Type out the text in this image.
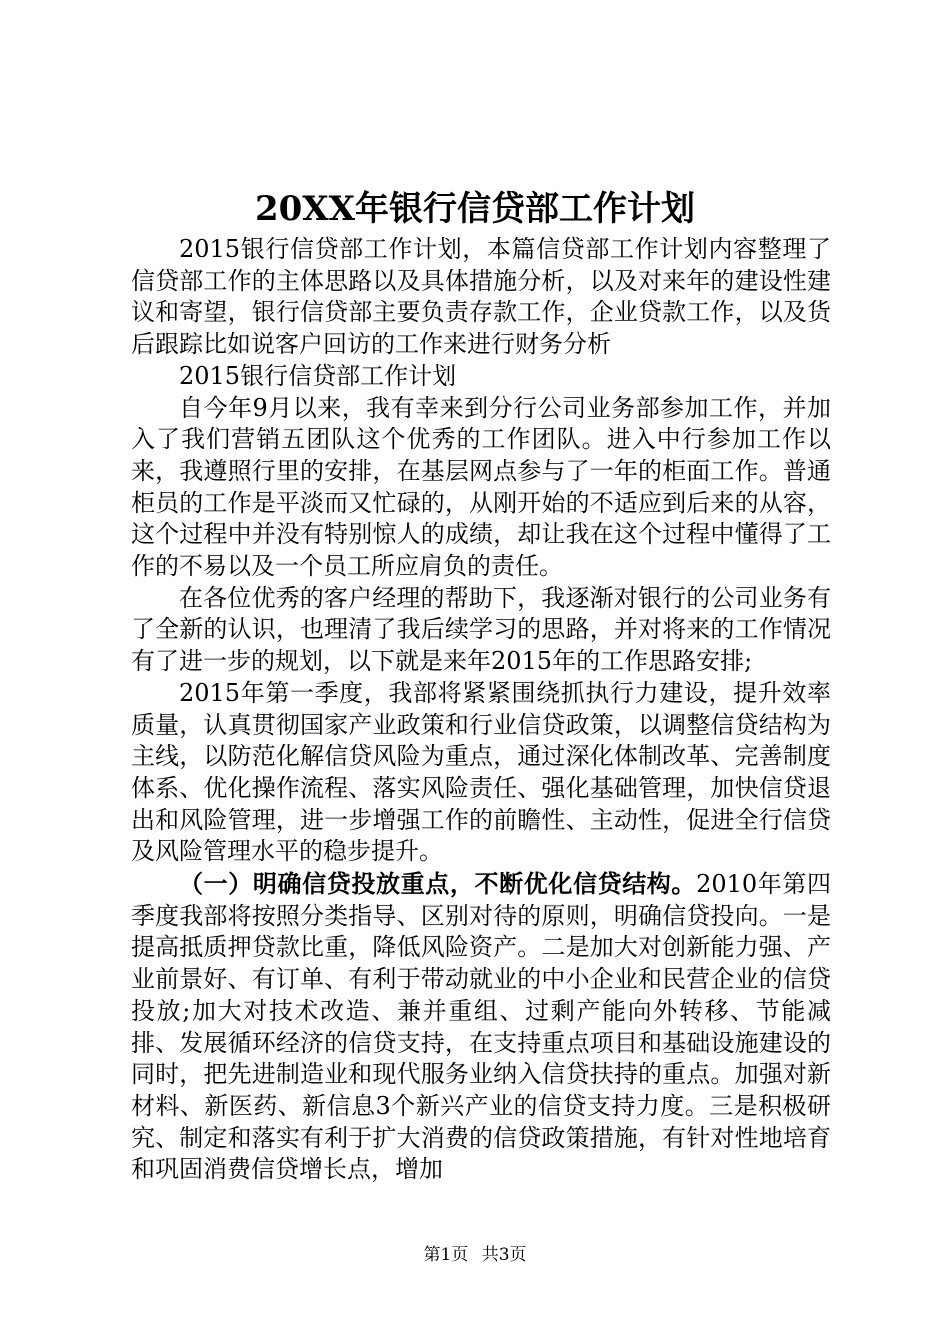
20XX年银行信贷部工作计划

2015银行信贷部工作计划，本篇信贷部工作计划内容整理了信贷部工作的主体思路以及具体措施分析，以及对来年的建设性建议和寄望，银行信贷部主要负责存款工作，企业贷款工作，以及货后跟踪比如说客户回访的工作来进行财务分析

2015银行信贷部工作计划

自今年9月以来，我有幸来到分行公司业务部参加工作，并加入了我们营销五团队这个优秀的工作团队。进入中行参加工作以来，我遵照行里的安排，在基层网点参与了一年的柜面工作。普通柜员的工作是平淡而又忙碌的，从刚开始的不适应到后来的从容，这个过程中并没有特别惊人的成绩，却让我在这个过程中懂得了工作的不易以及一个员工所应肩负的责任。

在各位优秀的客户经理的帮助下，我逐渐对银行的公司业务有了全新的认识，也理清了我后续学习的思路，并对将来的工作情况有了进一步的规划，以下就是来年2015年的工作思路安排;

2015年第一季度，我部将紧紧围绕抓执行力建设，提升效率质量，认真贯彻国家产业政策和行业信贷政策，以调整信贷结构为主线，以防范化解信贷风险为重点，通过深化体制改革、完善制度体系、优化操作流程、落实风险责任、强化基础管理，加快信贷退出和风险管理，进一步增强工作的前瞻性、主动性，促进全行信贷及风险管理水平的稳步提升。

（一）明确信贷投放重点，不断优化信贷结构。2010年第四季度我部将按照分类指导、区别对待的原则，明确信贷投向。一是提高抵质押贷款比重，降低风险资产。二是加大对创新能力强、产业前景好、有订单、有利于带动就业的中小企业和民营企业的信贷投放;加大对技术改造、兼并重组、过剩产能向外转移、节能减排、发展循环经济的信贷支持，在支持重点项目和基础设施建设的同时，把先进制造业和现代服务业纳入信贷扶持的重点。加强对新材料、新医药、新信息3个新兴产业的信贷支持力度。三是积极研究、制定和落实有利于扩大消费的信贷政策措施，有针对性地培育和巩固消费信贷增长点，增加

第1页 共3页
